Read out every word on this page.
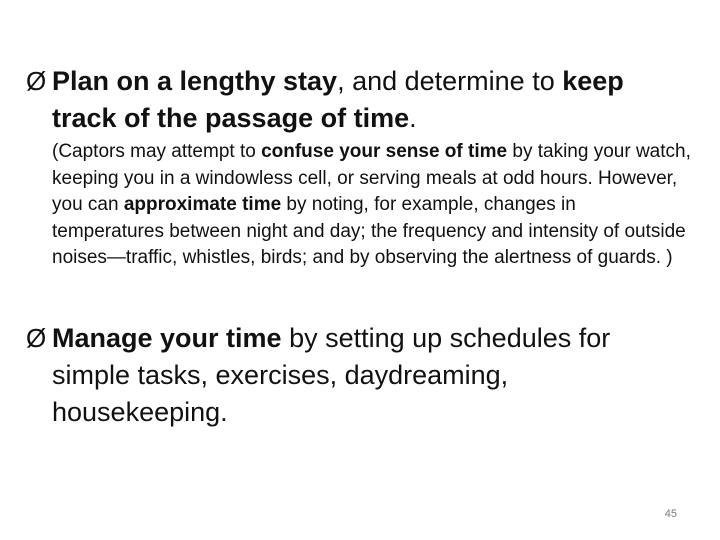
Ø Plan on a lengthy stay, and determine to keep track of the passage of time.
(Captors may attempt to confuse your sense of time by taking your watch, keeping you in a windowless cell, or serving meals at odd hours. However, you can approximate time by noting, for example, changes in temperatures between night and day; the frequency and intensity of outside noises—traffic, whistles, birds; and by observing the alertness of guards. )
Ø Manage your time by setting up schedules for simple tasks, exercises, daydreaming, housekeeping.
45
